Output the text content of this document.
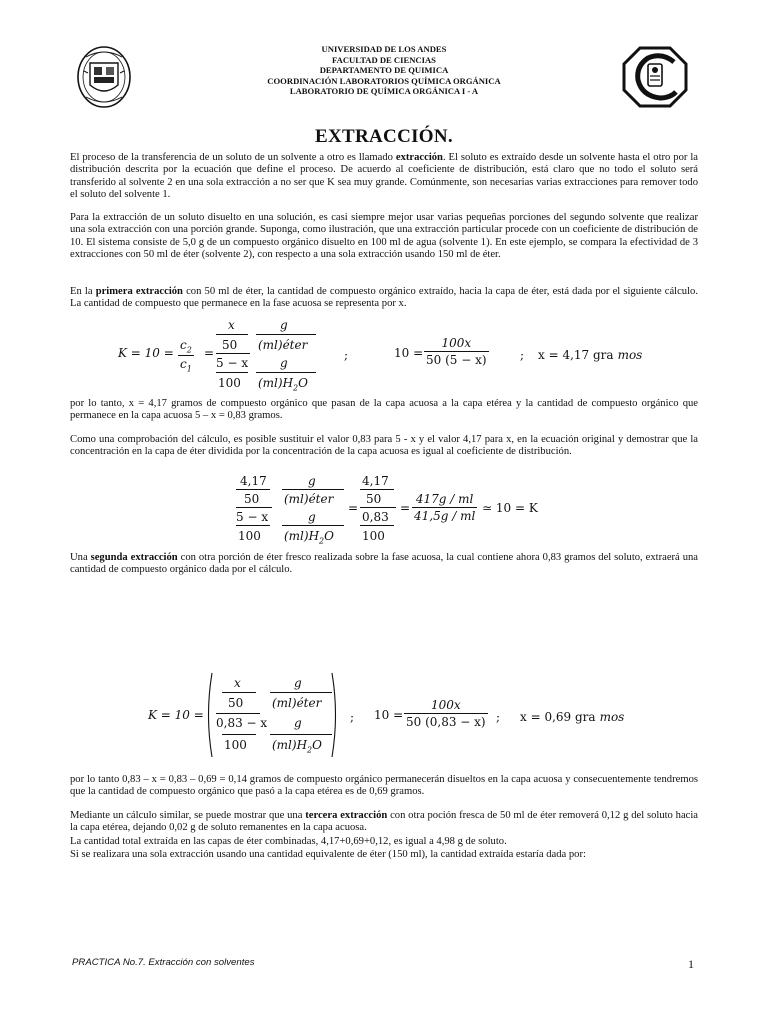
UNIVERSIDAD DE LOS ANDES
FACULTAD DE CIENCIAS
DEPARTAMENTO DE QUIMICA
COORDINACIÓN LABORATORIOS QUÍMICA ORGÁNICA
LABORATORIO DE QUÍMICA ORGÁNICA I - A
EXTRACCIÓN.
El proceso de la transferencia de un soluto de un solvente a otro es llamado extracción. El soluto es extraído desde un solvente hasta el otro por la distribución descrita por la ecuación que define el proceso. De acuerdo al coeficiente de distribución, está claro que no todo el soluto será transferido al solvente 2 en una sola extracción a no ser que K sea muy grande. Comúnmente, son necesarias varias extracciones para remover todo el soluto del solvente 1.
Para la extracción de un soluto disuelto en una solución, es casi siempre mejor usar varias pequeñas porciones del segundo solvente que realizar una sola extracción con una porción grande. Suponga, como ilustración, que una extracción particular procede con un coeficiente de distribución de 10. El sistema consiste de 5,0 g de un compuesto orgánico disuelto en 100 ml de agua (solvente 1). En este ejemplo, se compara la efectividad de 3 extracciones con 50 ml de éter (solvente 2), con respecto a una sola extracción usando 150 ml de éter.
En la primera extracción con 50 ml de éter, la cantidad de compuesto orgánico extraído, hacia la capa de éter, está dada por el siguiente cálculo. La cantidad de compuesto que permanece en la fase acuosa se representa por x.
K = 10 =
$c_2$
$c_1$
=
x
50
5 − x
100
g
(ml)éter
g
$(ml)H_2O$
;	10 =
100x
50 (5 − x)	; x = 4,17 gra mos
por lo tanto, x = 4,17 gramos de compuesto orgánico que pasan de la capa acuosa a la capa etérea y la cantidad de compuesto orgánico que permanece en la capa acuosa 5 – x = 0,83 gramos.
Como una comprobación del cálculo, es posible sustituir el valor 0,83 para 5 - x y el valor 4,17 para x, en la ecuación original y demostrar que la concentración en la capa de éter dividida por la concentración de la capa acuosa es igual al coeficiente de distribución.
4,17
50
5 − x
100
g
(ml)éter
g
$(ml)H_2O$
=
4,17
50
0,83
100
=
417g / ml
41,5g / ml
≃ 10 = K
Una segunda extracción con otra porción de éter fresco realizada sobre la fase acuosa, la cual contiene ahora 0,83 gramos del soluto, extraerá una cantidad de compuesto orgánico dada por el cálculo.
K = 10 =
x
50
0,83 − x
100
g
(ml)éter
g
$(ml)H_2O$
; 10 =
100x
50 (0,83 − x) ; x = 0,69 gra mos
por lo tanto 0,83 – x = 0,83 – 0,69 = 0,14 gramos de compuesto orgánico permanecerán disueltos en la capa acuosa y consecuentemente tendremos que la cantidad de compuesto orgánico que pasó a la capa etérea es de 0,69 gramos.
Mediante un cálculo similar, se puede mostrar que una tercera extracción con otra poción fresca de 50 ml de éter removerá 0,12 g del soluto hacia la capa etérea, dejando 0,02 g de soluto remanentes en la capa acuosa.
La cantidad total extraída en las capas de éter combinadas, 4,17+0,69+0,12, es igual a 4,98 g de soluto.
Si se realizara una sola extracción usando una cantidad equivalente de éter (150 ml), la cantidad extraída estaría dada por:
PRACTICA No.7. Extracción con solventes	1
